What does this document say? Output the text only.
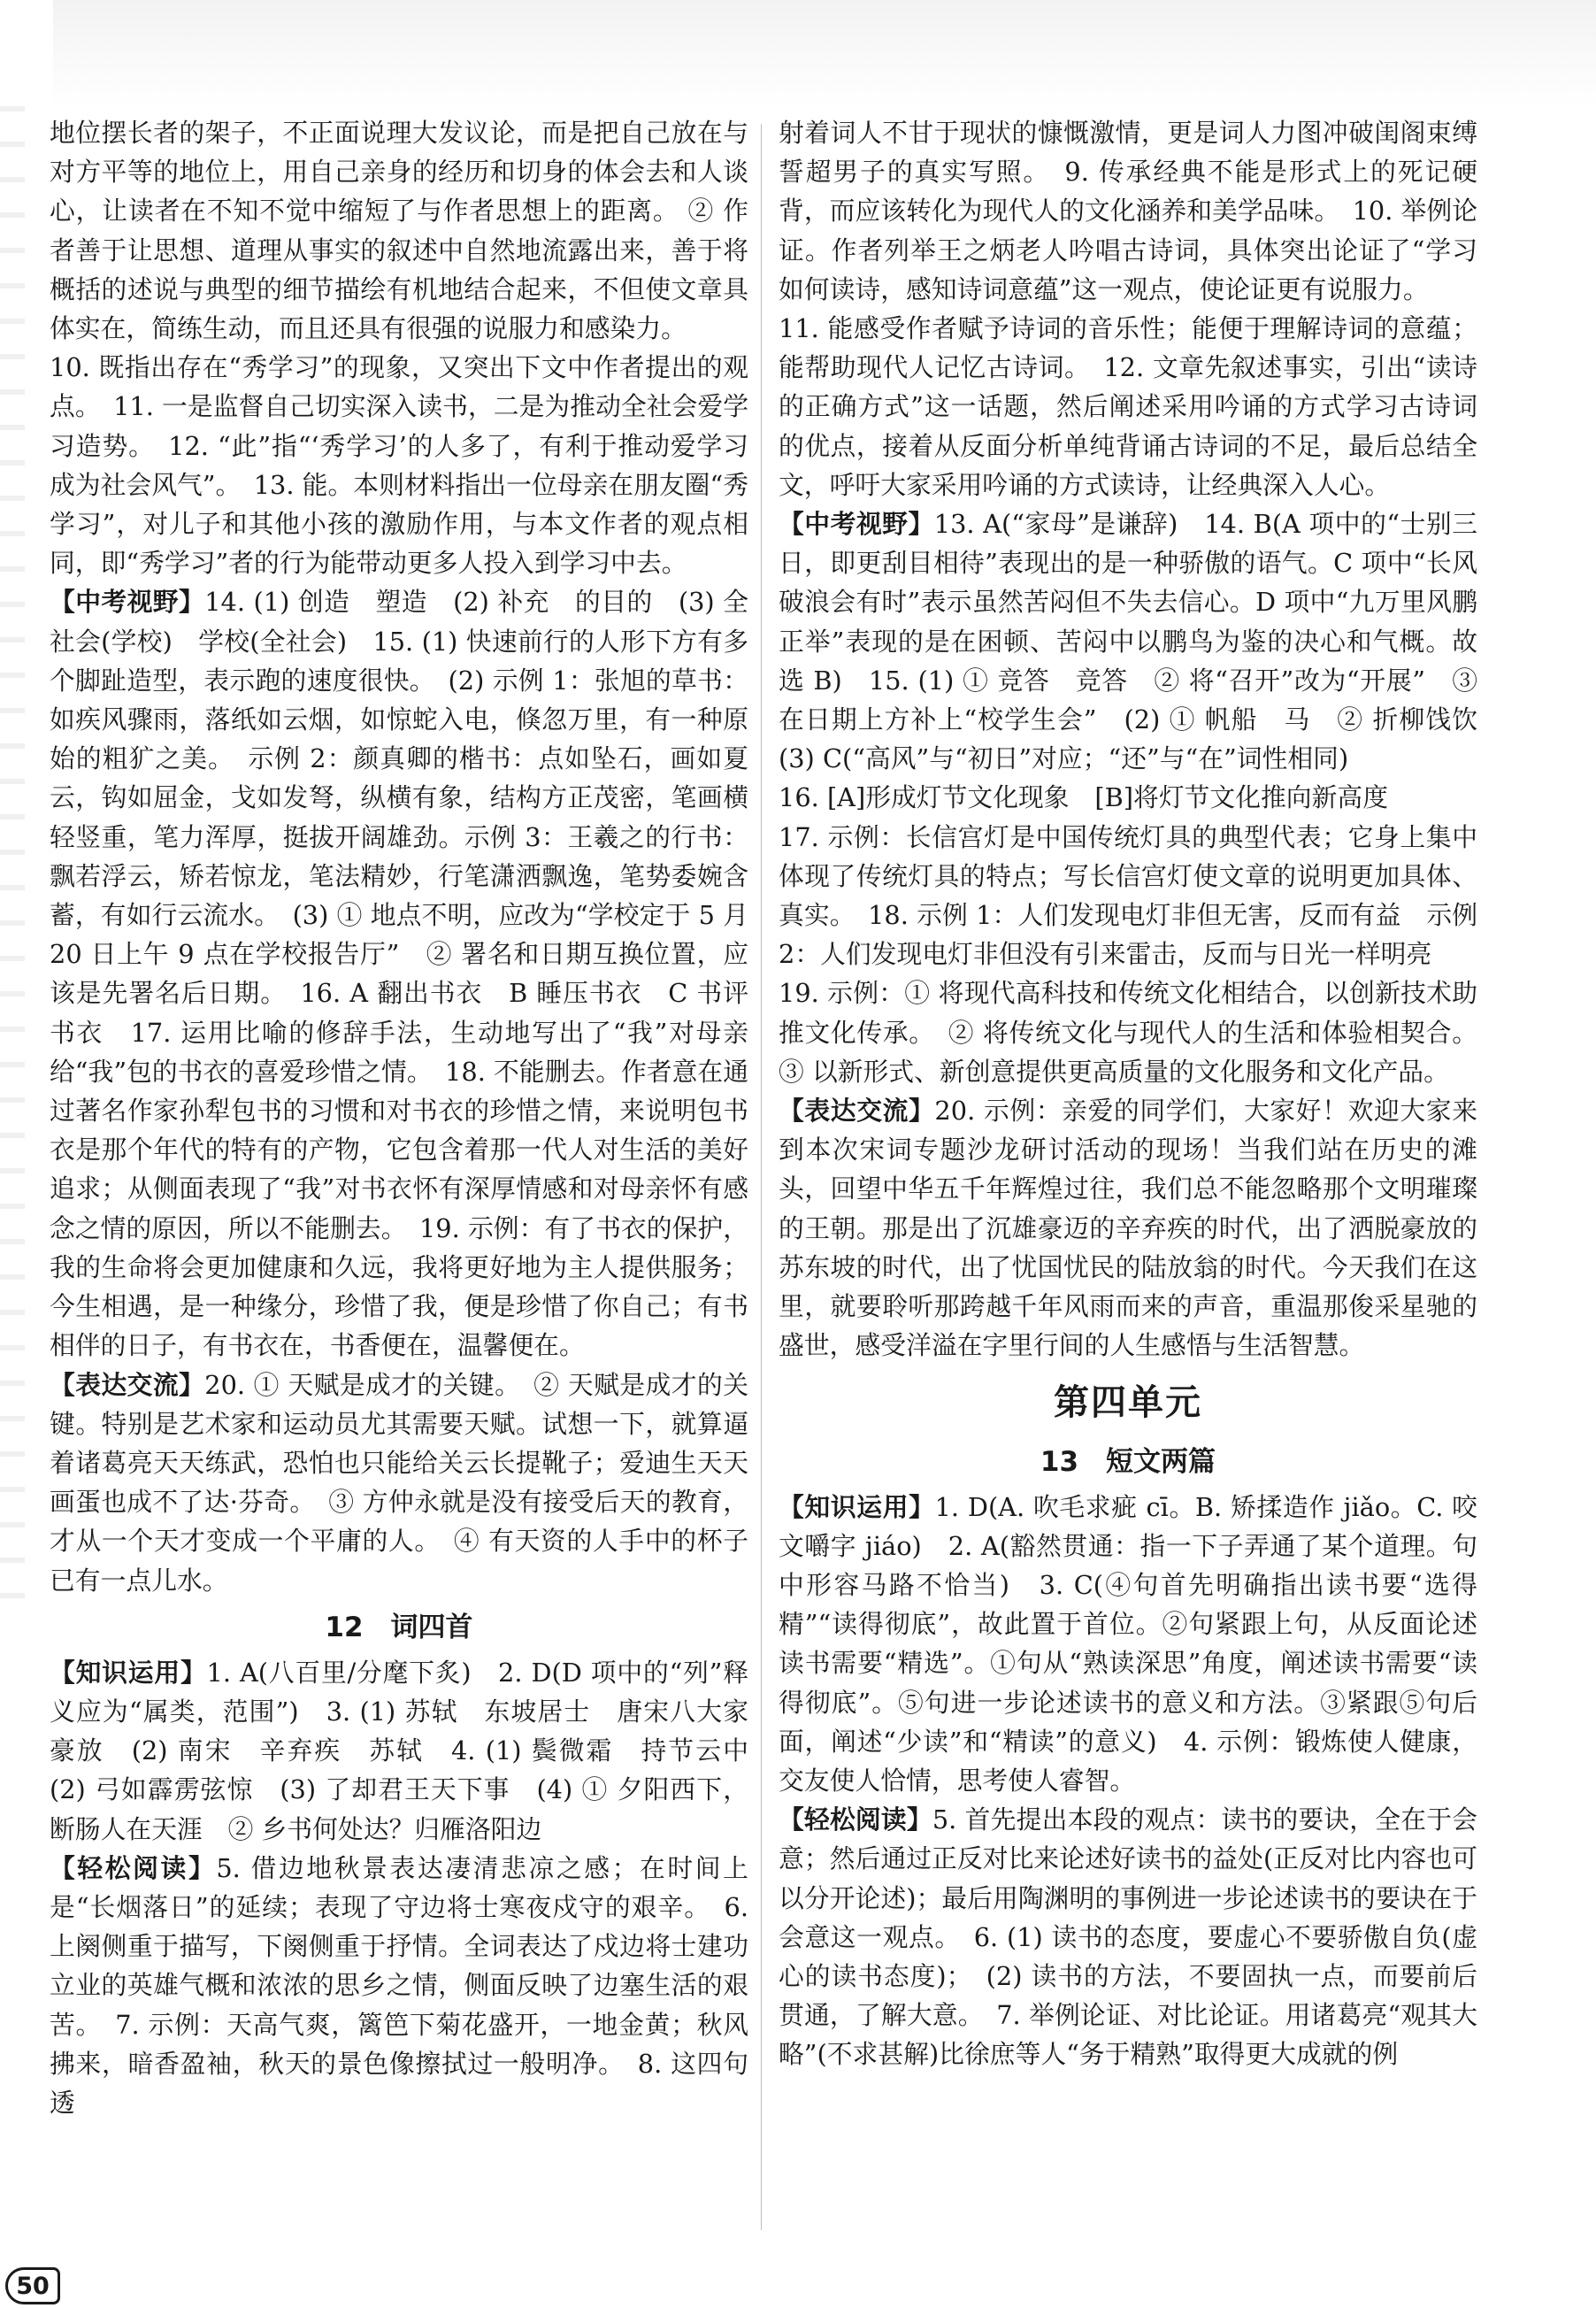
地位摆长者的架子，不正面说理大发议论，而是把自己放在与对方平等的地位上，用自己亲身的经历和切身的体会去和人谈心，让读者在不知不觉中缩短了与作者思想上的距离。 ② 作者善于让思想、道理从事实的叙述中自然地流露出来，善于将概括的述说与典型的细节描绘有机地结合起来，不但使文章具体实在，简练生动，而且还具有很强的说服力和感染力。

10. 既指出存在“秀学习”的现象，又突出下文中作者提出的观点。　11. 一是监督自己切实深入读书，二是为推动全社会爱学习造势。　12. “此”指“‘秀学习’的人多了，有利于推动爱学习成为社会风气”。　13. 能。本则材料指出一位母亲在朋友圈“秀学习”，对儿子和其他小孩的激励作用，与本文作者的观点相同，即“秀学习”者的行为能带动更多人投入到学习中去。

【中考视野】14. (1) 创造　塑造　(2) 补充　的目的　(3) 全社会(学校)　学校(全社会)　15. (1) 快速前行的人形下方有多个脚趾造型，表示跑的速度很快。　(2) 示例 1：张旭的草书：如疾风骤雨，落纸如云烟，如惊蛇入电，倏忽万里，有一种原始的粗犷之美。　示例 2：颜真卿的楷书：点如坠石，画如夏云，钩如屈金，戈如发弩，纵横有象，结构方正茂密，笔画横轻竖重，笔力浑厚，挺拔开阔雄劲。示例 3：王羲之的行书：飘若浮云，矫若惊龙，笔法精妙，行笔潇洒飘逸，笔势委婉含蓄，有如行云流水。　(3) ① 地点不明，应改为“学校定于 5 月 20 日上午 9 点在学校报告厅”　② 署名和日期互换位置，应该是先署名后日期。　16. A 翻出书衣　B 睡压书衣　C 书评书衣　17. 运用比喻的修辞手法，生动地写出了“我”对母亲给“我”包的书衣的喜爱珍惜之情。　18. 不能删去。作者意在通过著名作家孙犁包书的习惯和对书衣的珍惜之情，来说明包书衣是那个年代的特有的产物，它包含着那一代人对生活的美好追求；从侧面表现了“我”对书衣怀有深厚情感和对母亲怀有感念之情的原因，所以不能删去。　19. 示例：有了书衣的保护，我的生命将会更加健康和久远，我将更好地为主人提供服务；今生相遇，是一种缘分，珍惜了我，便是珍惜了你自己；有书相伴的日子，有书衣在，书香便在，温馨便在。

【表达交流】20. ① 天赋是成才的关键。　② 天赋是成才的关键。特别是艺术家和运动员尤其需要天赋。试想一下，就算逼着诸葛亮天天练武，恐怕也只能给关云长提靴子；爱迪生天天画蛋也成不了达·芬奇。　③ 方仲永就是没有接受后天的教育，才从一个天才变成一个平庸的人。　④ 有天资的人手中的杯子已有一点儿水。

12　词四首

【知识运用】1. A(八百里/分麾下炙)　2. D(D 项中的“列”释义应为“属类，范围”)　3. (1) 苏轼　东坡居士　唐宋八大家　豪放　(2) 南宋　辛弃疾　苏轼　4. (1) 鬓微霜　持节云中　(2) 弓如霹雳弦惊　(3) 了却君王天下事　(4) ① 夕阳西下，断肠人在天涯　② 乡书何处达？归雁洛阳边

【轻松阅读】5. 借边地秋景表达凄清悲凉之感；在时间上是“长烟落日”的延续；表现了守边将士寒夜戍守的艰辛。　6. 上阕侧重于描写，下阕侧重于抒情。全词表达了戍边将士建功立业的英雄气概和浓浓的思乡之情，侧面反映了边塞生活的艰苦。　7. 示例：天高气爽，篱笆下菊花盛开，一地金黄；秋风拂来，暗香盈袖，秋天的景色像擦拭过一般明净。　8. 这四句透

射着词人不甘于现状的慷慨激情，更是词人力图冲破闺阁束缚誓超男子的真实写照。　9. 传承经典不能是形式上的死记硬背，而应该转化为现代人的文化涵养和美学品味。　10. 举例论证。作者列举王之炳老人吟唱古诗词，具体突出论证了“学习如何读诗，感知诗词意蕴”这一观点，使论证更有说服力。

11. 能感受作者赋予诗词的音乐性；能便于理解诗词的意蕴；能帮助现代人记忆古诗词。　12. 文章先叙述事实，引出“读诗的正确方式”这一话题，然后阐述采用吟诵的方式学习古诗词的优点，接着从反面分析单纯背诵古诗词的不足，最后总结全文，呼吁大家采用吟诵的方式读诗，让经典深入人心。

【中考视野】13. A(“家母”是谦辞)　14. B(A 项中的“士别三日，即更刮目相待”表现出的是一种骄傲的语气。C 项中“长风破浪会有时”表示虽然苦闷但不失去信心。D 项中“九万里风鹏正举”表现的是在困顿、苦闷中以鹏鸟为鉴的决心和气概。故选 B)　15. (1) ① 竞答　竞答　② 将“召开”改为“开展”　③ 在日期上方补上“校学生会”　(2) ① 帆船　马　② 折柳饯饮　(3) C(“高风”与“初日”对应；“还”与“在”词性相同)

16. [A]形成灯节文化现象　[B]将灯节文化推向新高度

17. 示例：长信宫灯是中国传统灯具的典型代表；它身上集中体现了传统灯具的特点；写长信宫灯使文章的说明更加具体、真实。　18. 示例 1：人们发现电灯非但无害，反而有益　示例 2：人们发现电灯非但没有引来雷击，反而与日光一样明亮

19. 示例：① 将现代高科技和传统文化相结合，以创新技术助推文化传承。　② 将传统文化与现代人的生活和体验相契合。③ 以新形式、新创意提供更高质量的文化服务和文化产品。

【表达交流】20. 示例：亲爱的同学们，大家好！欢迎大家来到本次宋词专题沙龙研讨活动的现场！当我们站在历史的滩头，回望中华五千年辉煌过往，我们总不能忽略那个文明璀璨的王朝。那是出了沉雄豪迈的辛弃疾的时代，出了洒脱豪放的苏东坡的时代，出了忧国忧民的陆放翁的时代。今天我们在这里，就要聆听那跨越千年风雨而来的声音，重温那俊采星驰的盛世，感受洋溢在字里行间的人生感悟与生活智慧。

第四单元
13　短文两篇

【知识运用】1. D(A. 吹毛求疵 cī。B. 矫揉造作 jiǎo。C. 咬文嚼字 jiáo)　2. A(豁然贯通：指一下子弄通了某个道理。句中形容马路不恰当)　3. C(④句首先明确指出读书要“选得精”“读得彻底”，故此置于首位。②句紧跟上句，从反面论述读书需要“精选”。①句从“熟读深思”角度，阐述读书需要“读得彻底”。⑤句进一步论述读书的意义和方法。③紧跟⑤句后面，阐述“少读”和“精读”的意义)　4. 示例：锻炼使人健康，交友使人恰情，思考使人睿智。

【轻松阅读】5. 首先提出本段的观点：读书的要诀，全在于会意；然后通过正反对比来论述好读书的益处(正反对比内容也可以分开论述)；最后用陶渊明的事例进一步论述读书的要诀在于会意这一观点。　6. (1) 读书的态度，要虚心不要骄傲自负(虚心的读书态度)；　(2) 读书的方法，不要固执一点，而要前后贯通，了解大意。　7. 举例论证、对比论证。用诸葛亮“观其大略”(不求甚解)比徐庶等人“务于精熟”取得更大成就的例

50
